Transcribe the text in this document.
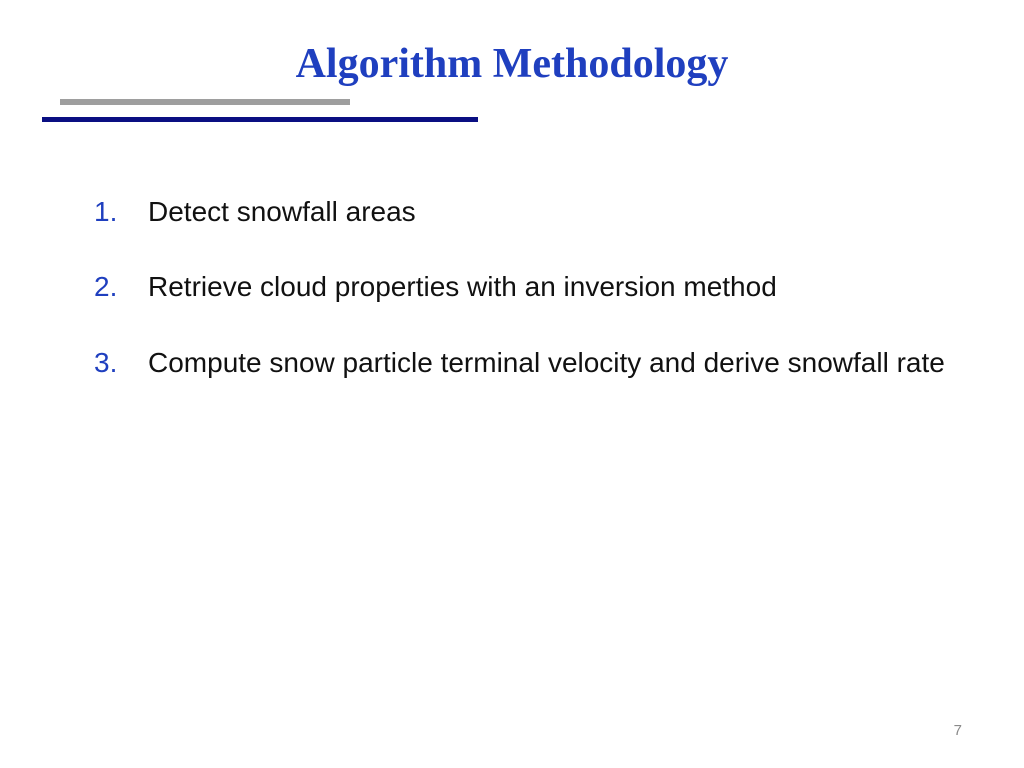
Algorithm Methodology
1. Detect snowfall areas
2. Retrieve cloud properties with an inversion method
3. Compute snow particle terminal velocity and derive snowfall rate
7
